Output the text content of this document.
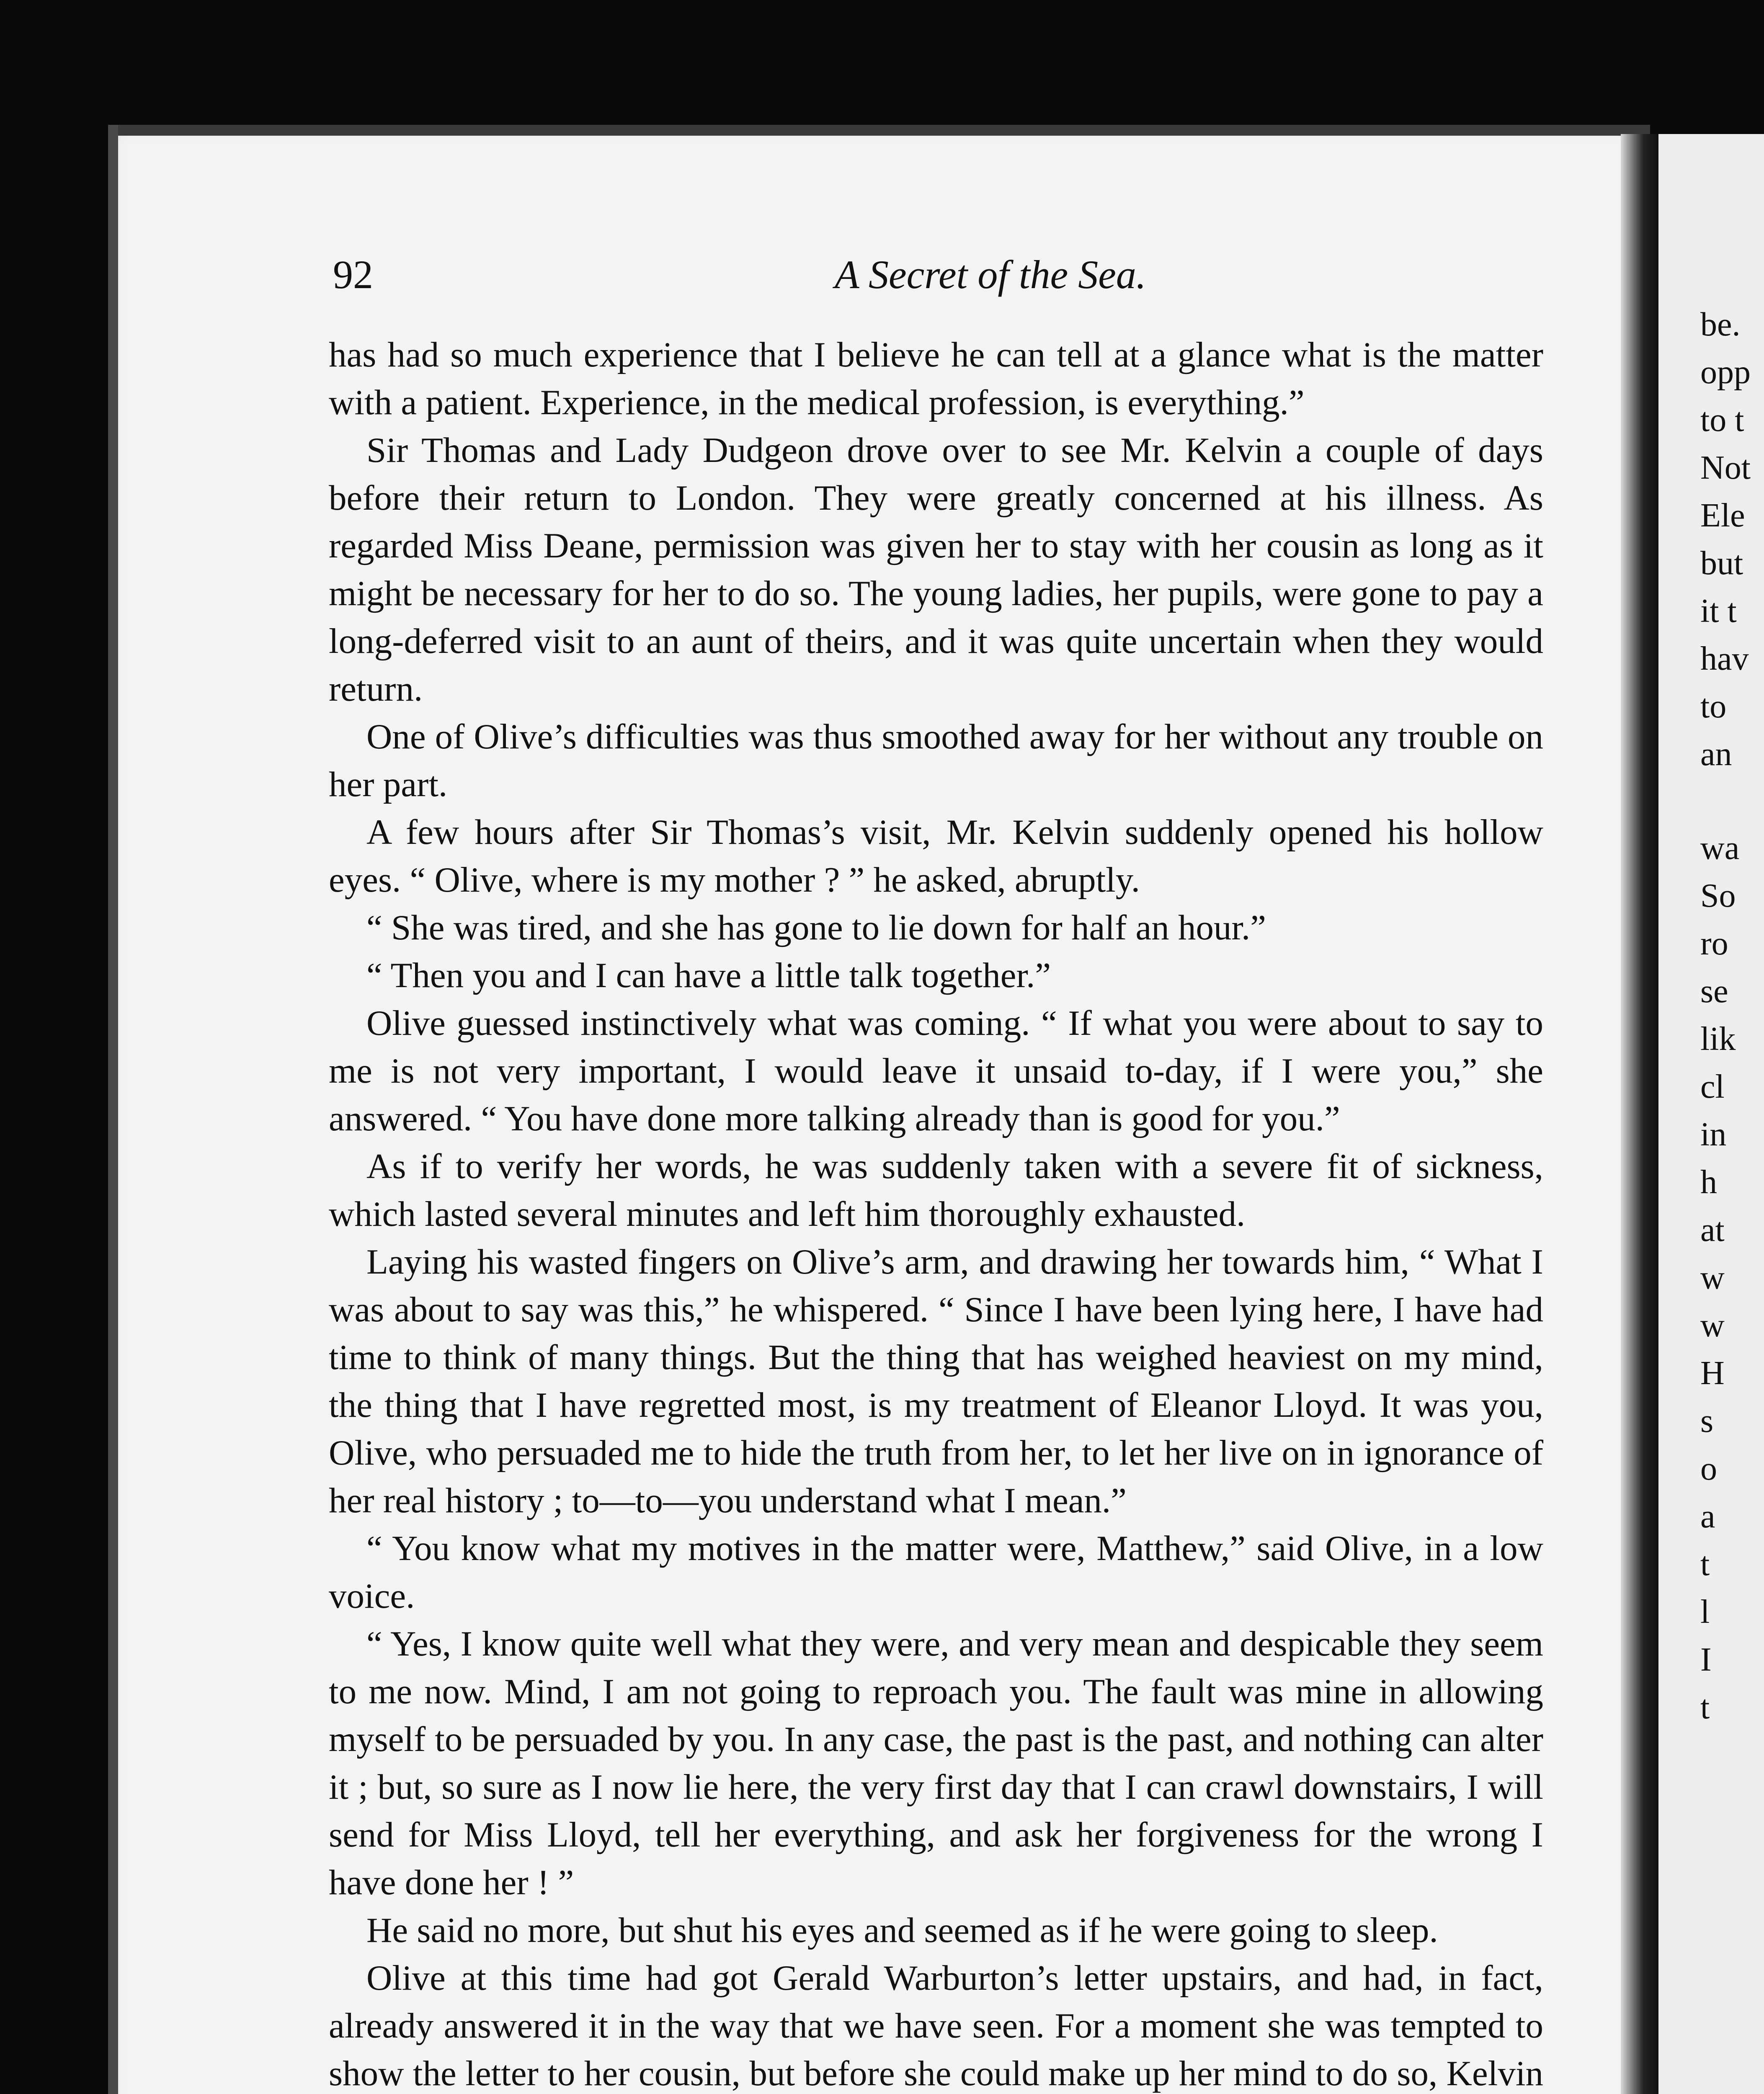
be.
opp
to t
Not
Ele
but
it t
hav
to
an
wa
So
ro
se
lik
cl
in
h
at
w
w
H
s
o
a
t
l
I
t
92	A Secret of the Sea.

has had so much experience that I believe he can tell at a glance what is the matter with a patient. Experience, in the medical profession, is everything.”

Sir Thomas and Lady Dudgeon drove over to see Mr. Kelvin a couple of days before their return to London. They were greatly concerned at his illness. As regarded Miss Deane, permission was given her to stay with her cousin as long as it might be necessary for her to do so. The young ladies, her pupils, were gone to pay a long-deferred visit to an aunt of theirs, and it was quite uncertain when they would return.

One of Olive’s difficulties was thus smoothed away for her without any trouble on her part.

A few hours after Sir Thomas’s visit, Mr. Kelvin suddenly opened his hollow eyes. “ Olive, where is my mother ? ” he asked, abruptly.

“ She was tired, and she has gone to lie down for half an hour.”

“ Then you and I can have a little talk together.”

Olive guessed instinctively what was coming. “ If what you were about to say to me is not very important, I would leave it unsaid to-day, if I were you,” she answered. “ You have done more talking already than is good for you.”

As if to verify her words, he was suddenly taken with a severe fit of sickness, which lasted several minutes and left him thoroughly exhausted.

Laying his wasted fingers on Olive’s arm, and drawing her towards him, “ What I was about to say was this,” he whispered. “ Since I have been lying here, I have had time to think of many things. But the thing that has weighed heaviest on my mind, the thing that I have regretted most, is my treatment of Eleanor Lloyd. It was you, Olive, who persuaded me to hide the truth from her, to let her live on in ignorance of her real history ; to—to—you understand what I mean.”

“ You know what my motives in the matter were, Matthew,” said Olive, in a low voice.

“ Yes, I know quite well what they were, and very mean and despicable they seem to me now. Mind, I am not going to reproach you. The fault was mine in allowing myself to be persuaded by you. In any case, the past is the past, and nothing can alter it ; but, so sure as I now lie here, the very first day that I can crawl downstairs, I will send for Miss Lloyd, tell her everything, and ask her forgiveness for the wrong I have done her ! ”

He said no more, but shut his eyes and seemed as if he were going to sleep.

Olive at this time had got Gerald Warburton’s letter upstairs, and had, in fact, already answered it in the way that we have seen. For a moment she was tempted to show the letter to her cousin, but before she could make up her mind to do so, Kelvin
